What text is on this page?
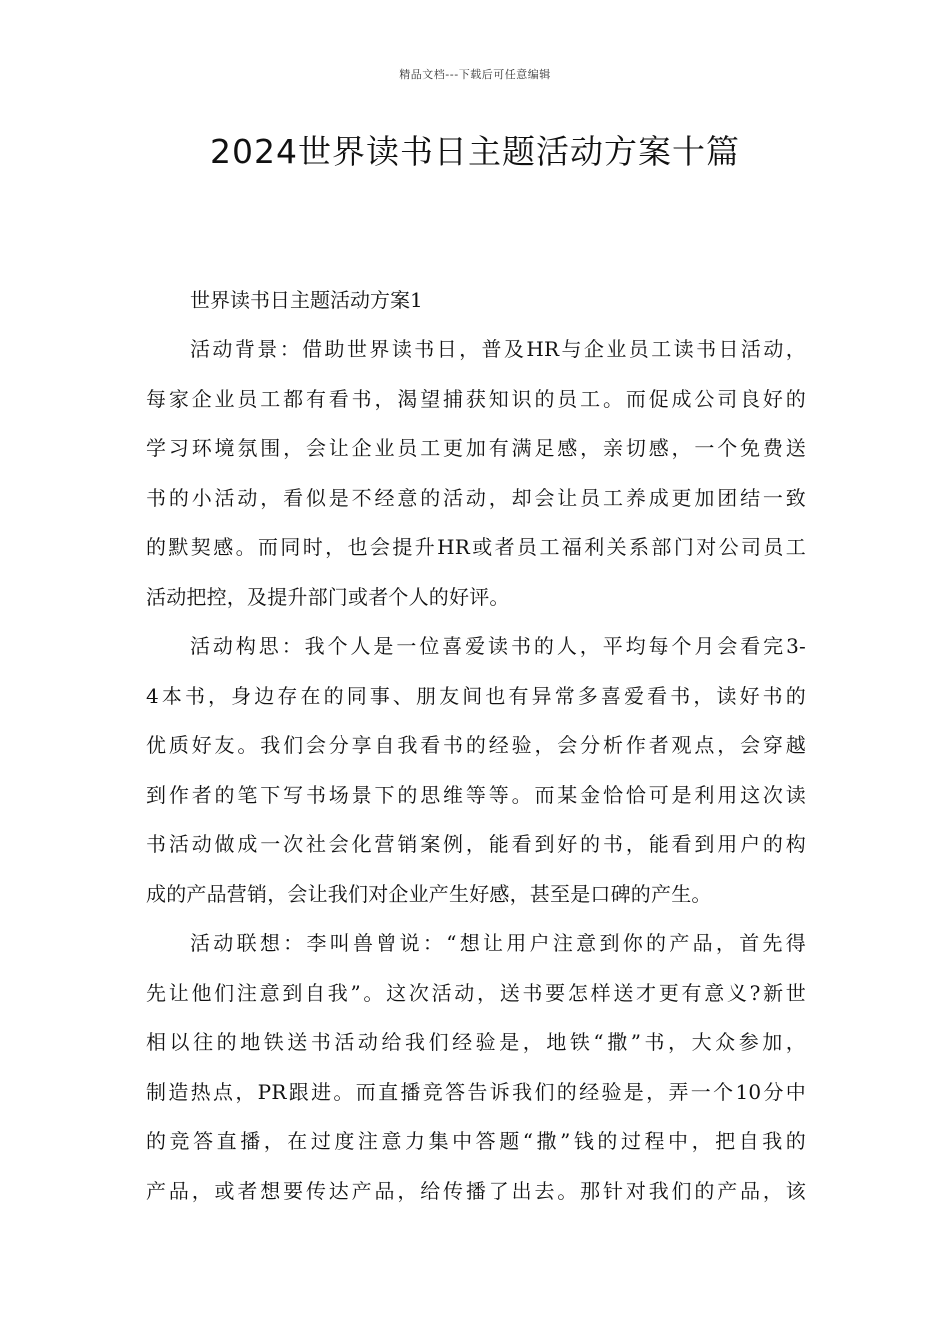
精品文档---下载后可任意编辑
2024世界读书日主题活动方案十篇
世界读书日主题活动方案1
活动背景：借助世界读书日，普及HR与企业员工读书日活动，
每家企业员工都有看书，渴望捕获知识的员工。而促成公司良好的
学习环境氛围，会让企业员工更加有满足感，亲切感，一个免费送
书的小活动，看似是不经意的活动，却会让员工养成更加团结一致
的默契感。而同时，也会提升HR或者员工福利关系部门对公司员工
活动把控，及提升部门或者个人的好评。
活动构思：我个人是一位喜爱读书的人，平均每个月会看完3-
4本书，身边存在的同事、朋友间也有异常多喜爱看书，读好书的
优质好友。我们会分享自我看书的经验，会分析作者观点，会穿越
到作者的笔下写书场景下的思维等等。而某金恰恰可是利用这次读
书活动做成一次社会化营销案例，能看到好的书，能看到用户的构
成的产品营销，会让我们对企业产生好感，甚至是口碑的产生。
活动联想：李叫兽曾说：“想让用户注意到你的产品，首先得
先让他们注意到自我”。这次活动，送书要怎样送才更有意义?新世
相以往的地铁送书活动给我们经验是，地铁“撒”书，大众参加，
制造热点，PR跟进。而直播竞答告诉我们的经验是，弄一个10分中
的竞答直播，在过度注意力集中答题“撒”钱的过程中，把自我的
产品，或者想要传达产品，给传播了出去。那针对我们的产品，该
